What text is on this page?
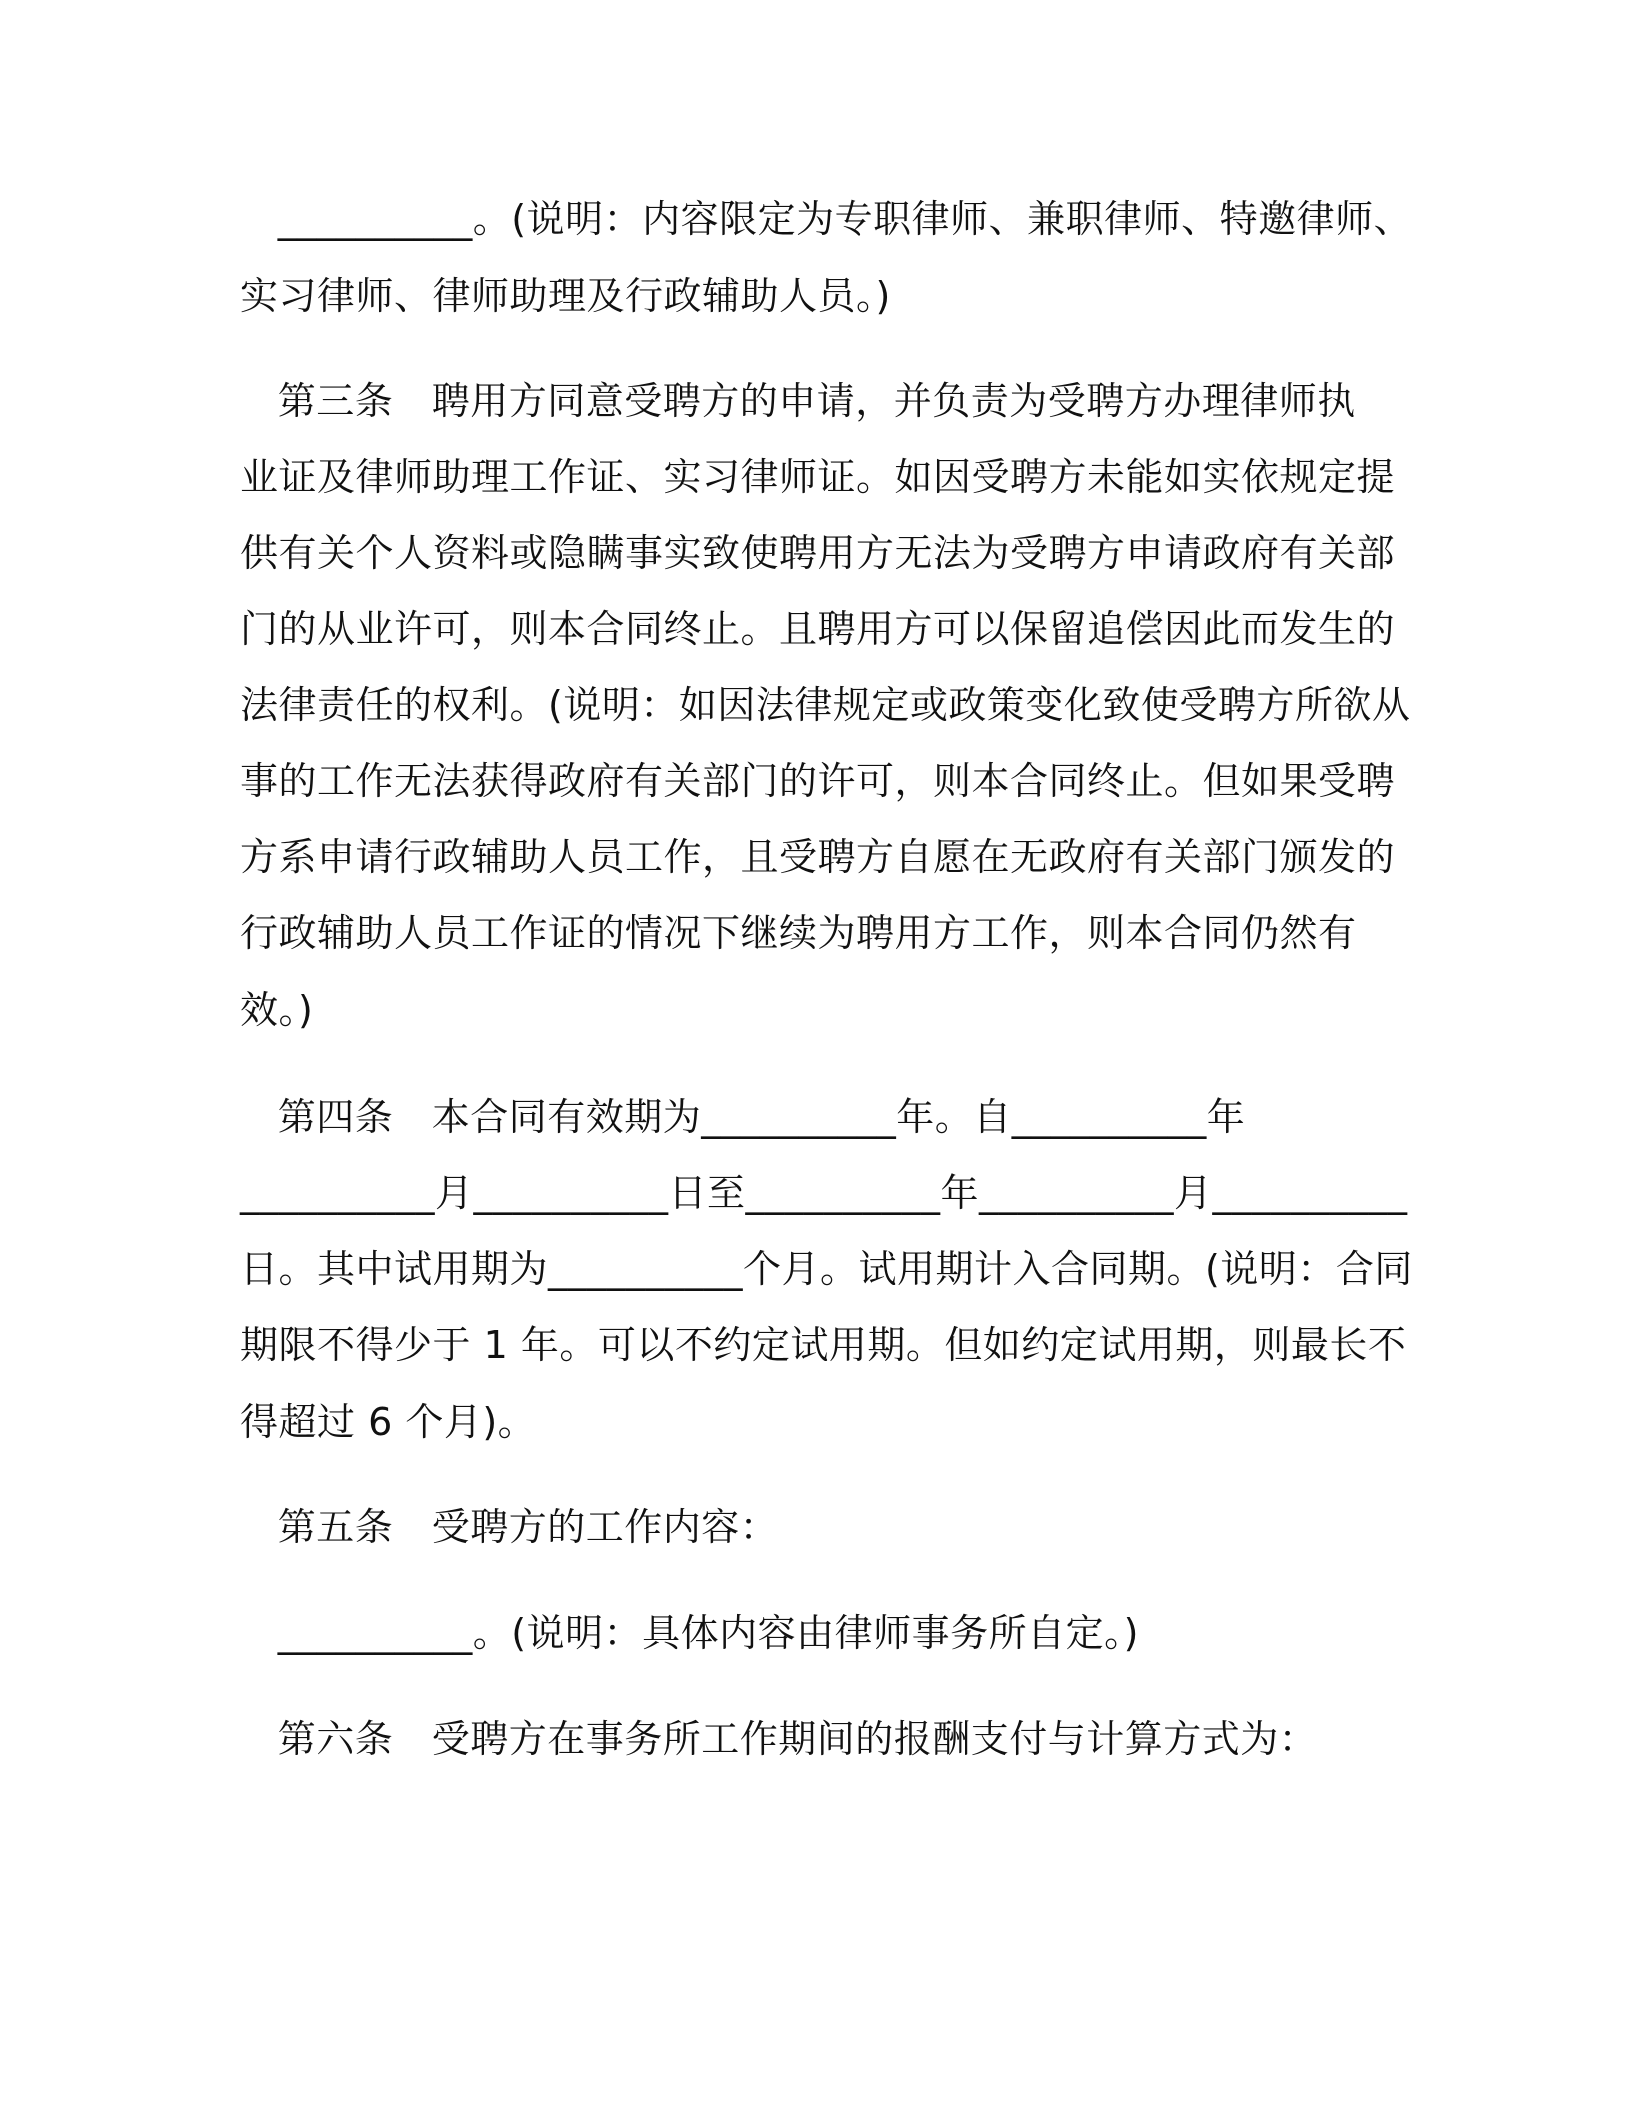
__________。(说明：内容限定为专职律师、兼职律师、特邀律师、

实习律师、律师助理及行政辅助人员。)

第三条　聘用方同意受聘方的申请，并负责为受聘方办理律师执

业证及律师助理工作证、实习律师证。如因受聘方未能如实依规定提

供有关个人资料或隐瞒事实致使聘用方无法为受聘方申请政府有关部

门的从业许可，则本合同终止。且聘用方可以保留追偿因此而发生的

法律责任的权利。(说明：如因法律规定或政策变化致使受聘方所欲从

事的工作无法获得政府有关部门的许可，则本合同终止。但如果受聘

方系申请行政辅助人员工作，且受聘方自愿在无政府有关部门颁发的

行政辅助人员工作证的情况下继续为聘用方工作，则本合同仍然有

效。)

第四条　本合同有效期为__________年。自__________年

__________月__________日至__________年__________月__________

日。其中试用期为__________个月。试用期计入合同期。(说明：合同

期限不得少于 1 年。可以不约定试用期。但如约定试用期，则最长不

得超过 6 个月)。

第五条　受聘方的工作内容：

__________。(说明：具体内容由律师事务所自定。)

第六条　受聘方在事务所工作期间的报酬支付与计算方式为：
